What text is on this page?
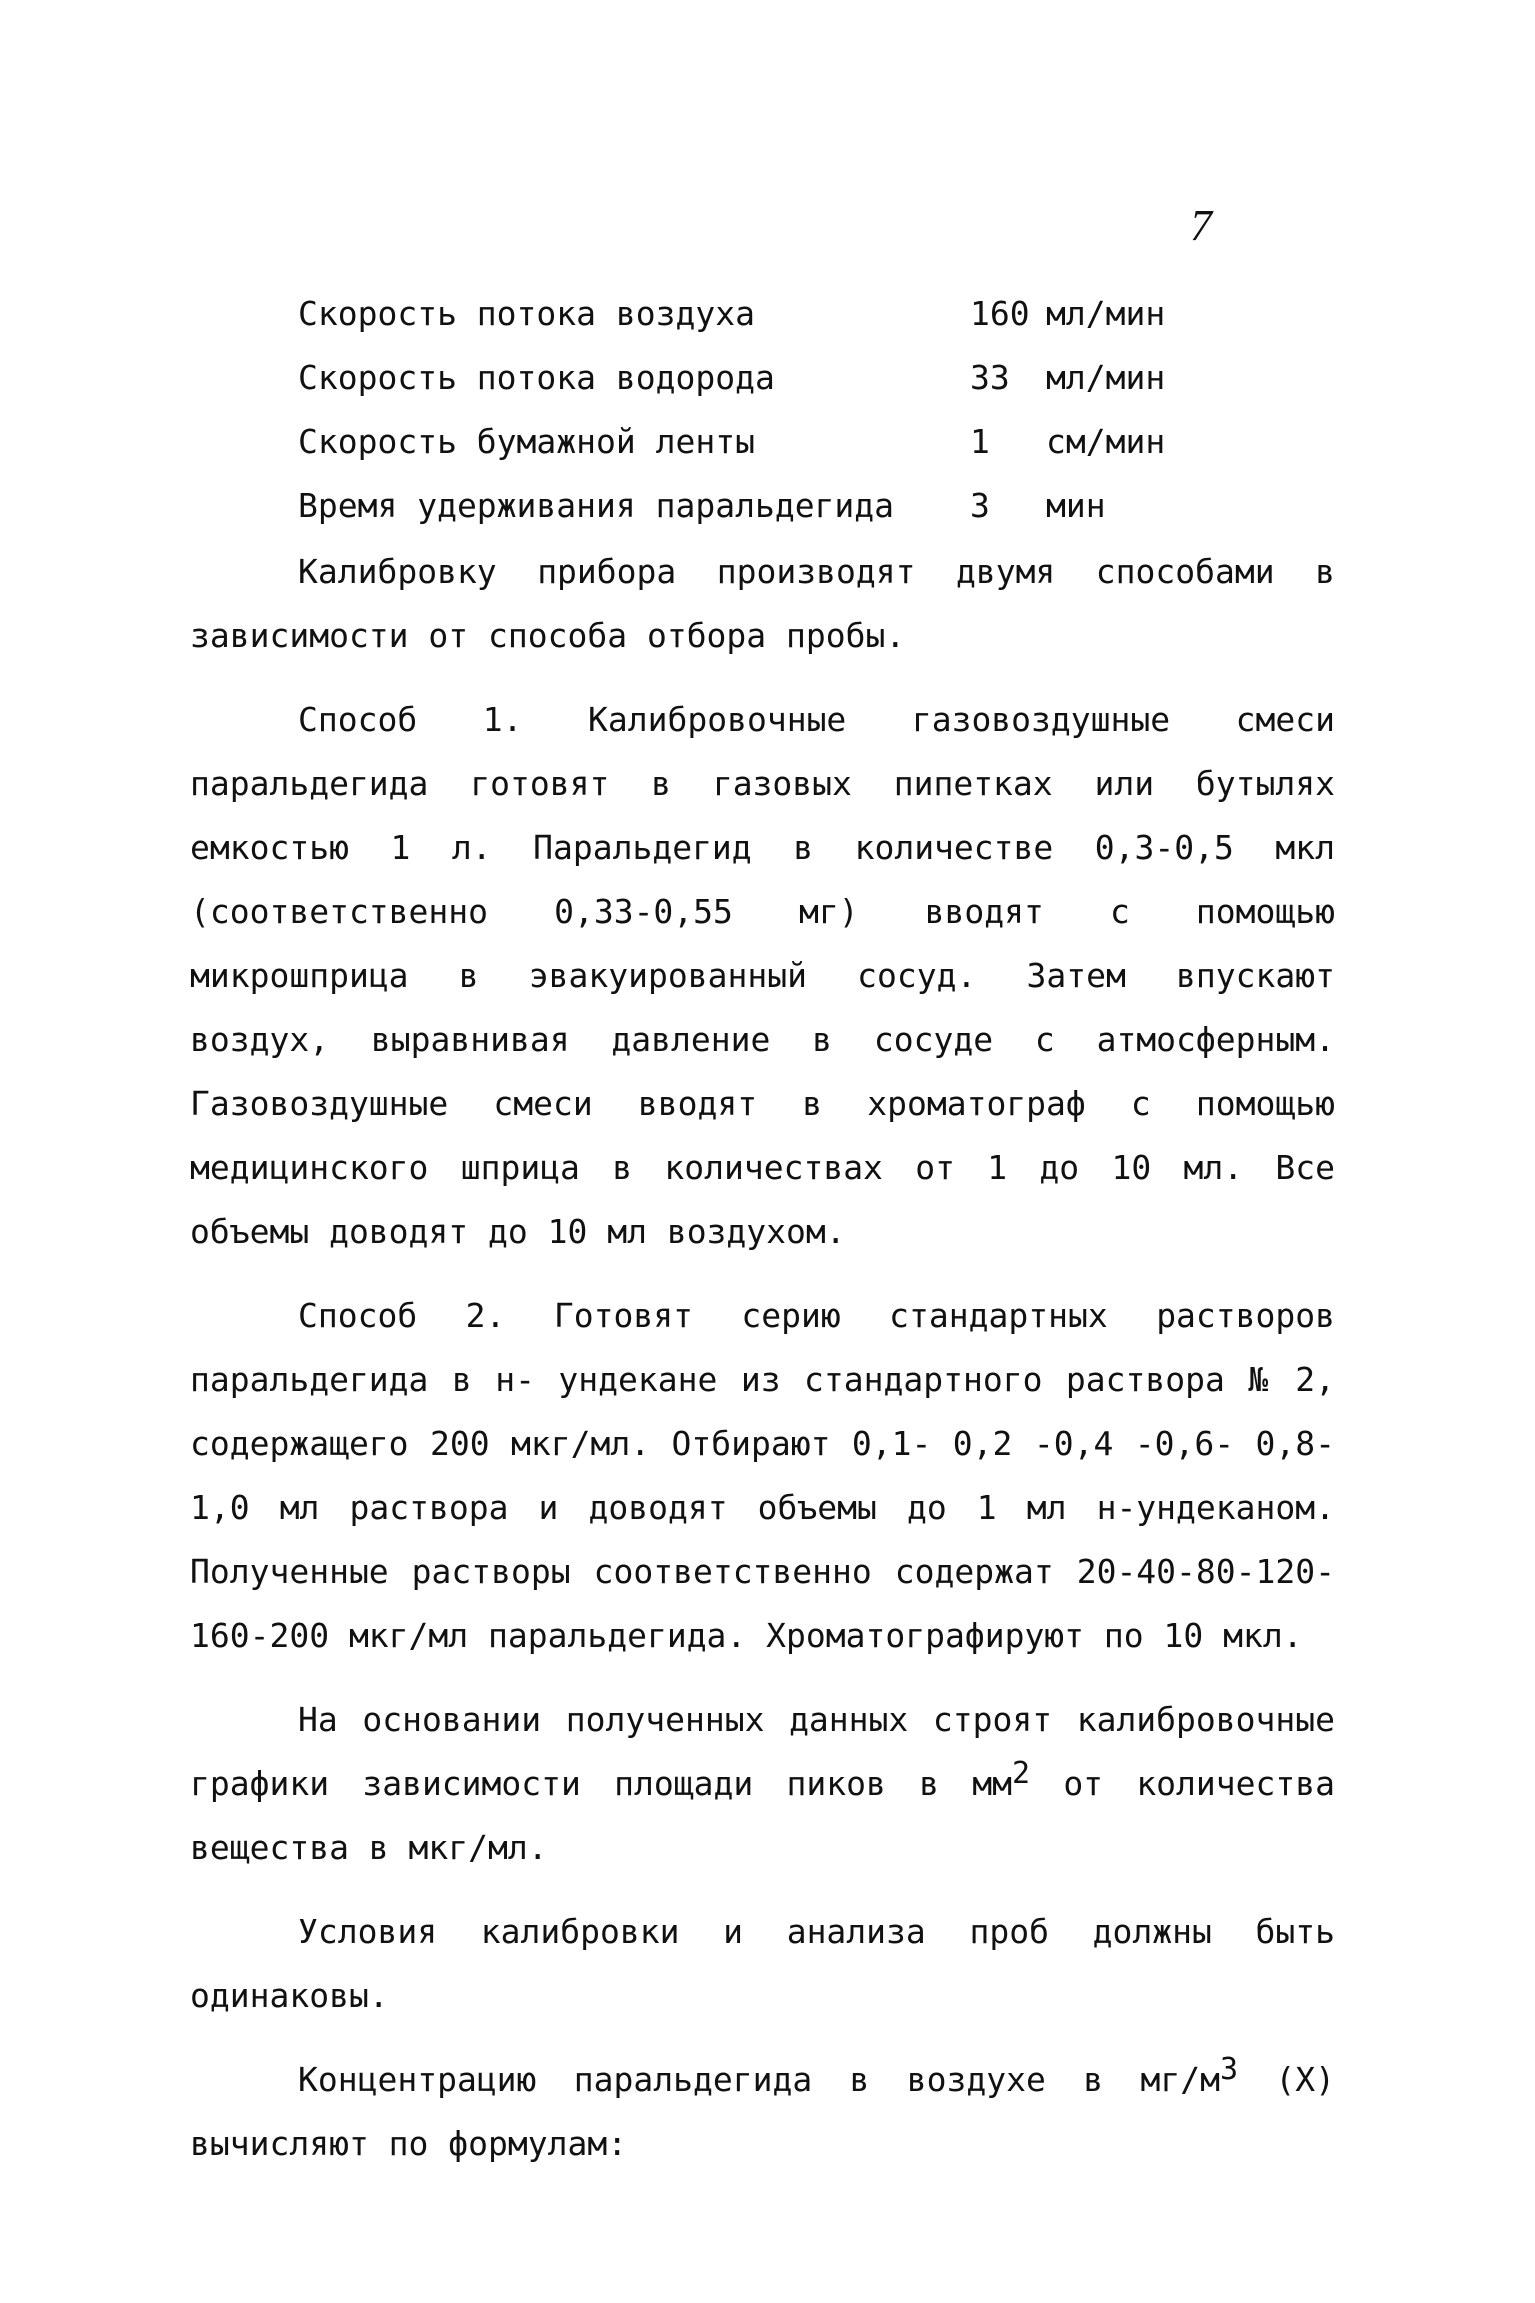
7
Скорость потока воздуха	160 мл/мин
Скорость потока водорода	33 мл/мин
Скорость бумажной ленты	1 см/мин
Время удерживания паральдегида 3 мин

Калибровку прибора производят двумя способами в зависимости от способа отбора пробы.

Способ 1. Калибровочные газовоздушные смеси паральдегида готовят в газовых пипетках или бутылях емкостью 1 л. Паральдегид в количестве 0,3-0,5 мкл (соответственно 0,33-0,55 мг) вводят с помощью микрошприца в эвакуированный сосуд. Затем впускают воздух, выравнивая давление в сосуде с атмосферным. Газовоздушные смеси вводят в хроматограф с помощью медицинского шприца в количествах от 1 до 10 мл. Все объемы доводят до 10 мл воздухом.

Способ 2. Готовят серию стандартных растворов паральдегида в н- ундекане из стандартного раствора № 2, содержащего 200 мкг/мл. Отбирают 0,1- 0,2 -0,4 -0,6- 0,8- 1,0 мл раствора и доводят объемы до 1 мл н-ундеканом. Полученные растворы соответственно содержат 20-40-80-120-160-200 мкг/мл паральдегида. Хроматографируют по 10 мкл.

На основании полученных данных строят калибровочные графики зависимости площади пиков в $мм^2$ от количества вещества в мкг/мл.

Условия калибровки и анализа проб должны быть одинаковы.

Концентрацию паральдегида в воздухе в $мг/м^3$ (X) вычисляют по формулам:
